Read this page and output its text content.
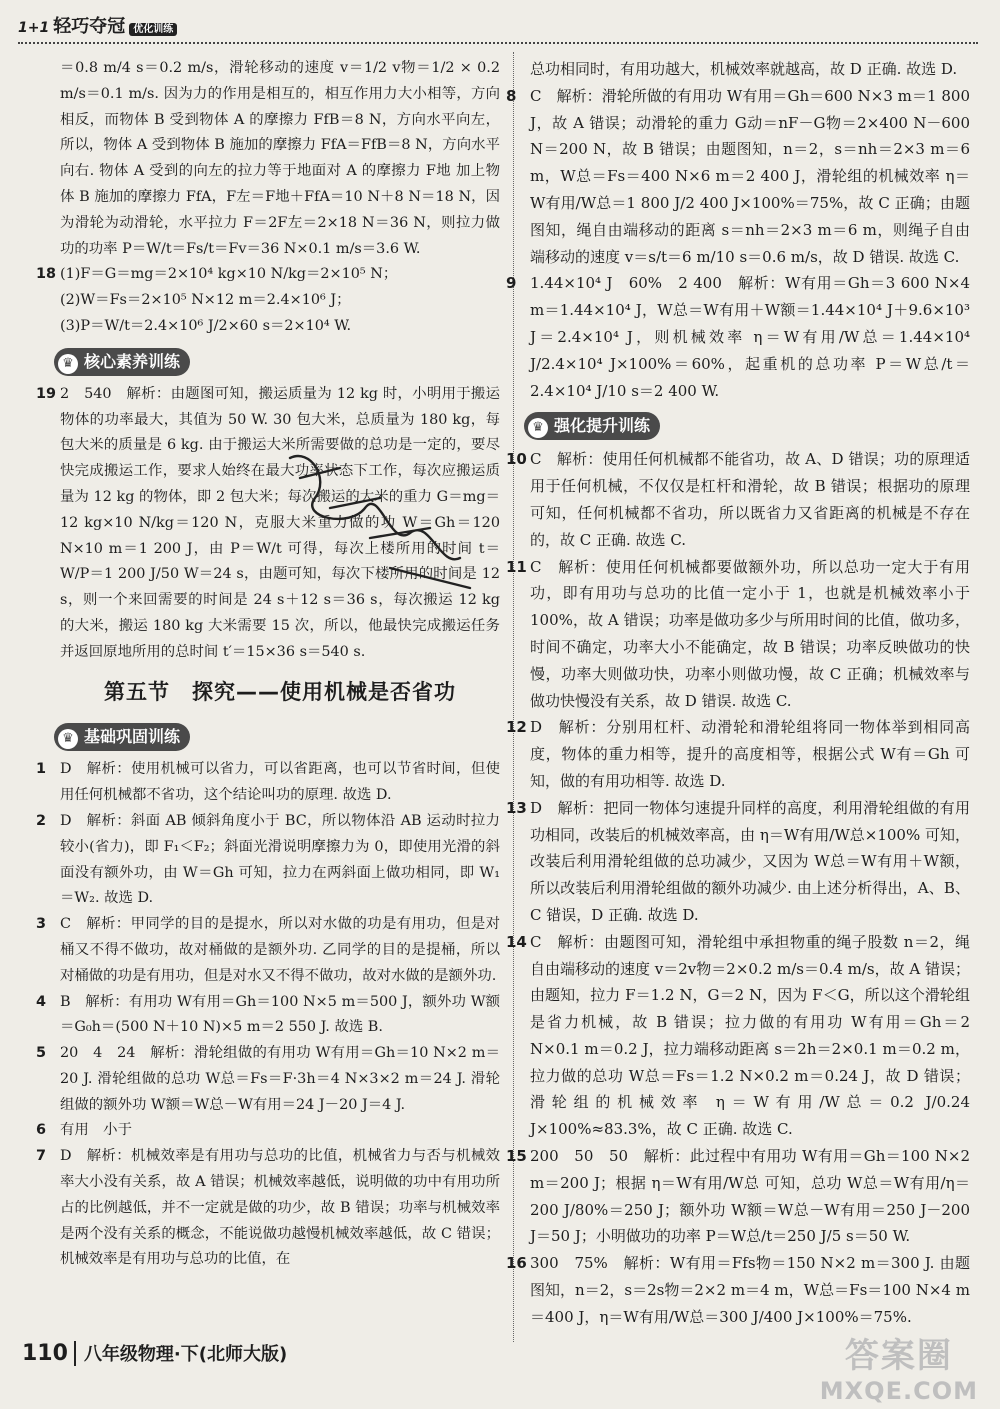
1+1 轻巧夺冠 优化训练

＝0.8 m/4 s＝0.2 m/s，滑轮移动的速度 v＝1/2 v物＝1/2 × 0.2 m/s＝0.1 m/s. 因为力的作用是相互的，相互作用力大小相等，方向相反，而物体 B 受到物体 A 的摩擦力 FfB＝8 N，方向水平向左，所以，物体 A 受到物体 B 施加的摩擦力 FfA＝FfB＝8 N，方向水平向右. 物体 A 受到的向左的拉力等于地面对 A 的摩擦力 F地 加上物体 B 施加的摩擦力 FfA，F左＝F地＋FfA＝10 N＋8 N＝18 N，因为滑轮为动滑轮，水平拉力 F＝2F左＝2×18 N＝36 N，则拉力做功的功率 P＝W/t＝Fs/t＝Fv＝36 N×0.1 m/s＝3.6 W.

18 (1)F＝G＝mg＝2×10⁴ kg×10 N/kg＝2×10⁵ N；

(2)W＝Fs＝2×10⁵ N×12 m＝2.4×10⁶ J；

(3)P＝W/t＝2.4×10⁶ J/2×60 s＝2×10⁴ W.

♛ 核心素养训练

19 2　540　解析：由题图可知，搬运质量为 12 kg 时，小明用于搬运物体的功率最大，其值为 50 W. 30 包大米，总质量为 180 kg，每包大米的质量是 6 kg. 由于搬运大米所需要做的总功是一定的，要尽快完成搬运工作，要求人始终在最大功率状态下工作，每次应搬运质量为 12 kg 的物体，即 2 包大米；每次搬运的大米的重力 G＝mg＝12 kg×10 N/kg＝120 N，克服大米重力做的功 W＝Gh＝120 N×10 m＝1 200 J，由 P＝W/t 可得，每次上楼所用的时间 t＝W/P＝1 200 J/50 W＝24 s，由题可知，每次下楼所用的时间是 12 s，则一个来回需要的时间是 24 s＋12 s＝36 s，每次搬运 12 kg 的大米，搬运 180 kg 大米需要 15 次，所以，他最快完成搬运任务并返回原地所用的总时间 t′＝15×36 s＝540 s.

第五节　探究——使用机械是否省功
♛ 基础巩固训练

1 D　解析：使用机械可以省力，可以省距离，也可以节省时间，但使用任何机械都不省功，这个结论叫功的原理. 故选 D.

2 D　解析：斜面 AB 倾斜角度小于 BC，所以物体沿 AB 运动时拉力较小(省力)，即 F₁＜F₂；斜面光滑说明摩擦力为 0，即使用光滑的斜面没有额外功，由 W＝Gh 可知，拉力在两斜面上做功相同，即 W₁＝W₂. 故选 D.

3 C　解析：甲同学的目的是提水，所以对水做的功是有用功，但是对桶又不得不做功，故对桶做的是额外功. 乙同学的目的是提桶，所以对桶做的功是有用功，但是对水又不得不做功，故对水做的是额外功.

4 B　解析：有用功 W有用＝Gh＝100 N×5 m＝500 J，额外功 W额＝G₀h＝(500 N＋10 N)×5 m＝2 550 J. 故选 B.

5 20　4　24　解析：滑轮组做的有用功 W有用＝Gh＝10 N×2 m＝20 J. 滑轮组做的总功 W总＝Fs＝F·3h＝4 N×3×2 m＝24 J. 滑轮组做的额外功 W额＝W总－W有用＝24 J－20 J＝4 J.

6 有用　小于

7 D　解析：机械效率是有用功与总功的比值，机械省力与否与机械效率大小没有关系，故 A 错误；机械效率越低，说明做的功中有用功所占的比例越低，并不一定就是做的功少，故 B 错误；功率与机械效率是两个没有关系的概念，不能说做功越慢机械效率越低，故 C 错误；机械效率是有用功与总功的比值，在

总功相同时，有用功越大，机械效率就越高，故 D 正确. 故选 D.

8 C　解析：滑轮所做的有用功 W有用＝Gh＝600 N×3 m＝1 800 J，故 A 错误；动滑轮的重力 G动＝nF－G物＝2×400 N－600 N＝200 N，故 B 错误；由题图知，n＝2，s＝nh＝2×3 m＝6 m，W总＝Fs＝400 N×6 m＝2 400 J，滑轮组的机械效率 η＝W有用/W总＝1 800 J/2 400 J×100%＝75%，故 C 正确；由题图知，绳自由端移动的距离 s＝nh＝2×3 m＝6 m，则绳子自由端移动的速度 v＝s/t＝6 m/10 s＝0.6 m/s，故 D 错误. 故选 C.

9 1.44×10⁴ J　60%　2 400　解析：W有用＝Gh＝3 600 N×4 m＝1.44×10⁴ J，W总＝W有用＋W额＝1.44×10⁴ J＋9.6×10³ J＝2.4×10⁴ J，则机械效率 η＝W有用/W总＝1.44×10⁴ J/2.4×10⁴ J×100%＝60%，起重机的总功率 P＝W总/t＝2.4×10⁴ J/10 s＝2 400 W.

♛ 强化提升训练

10 C　解析：使用任何机械都不能省功，故 A、D 错误；功的原理适用于任何机械，不仅仅是杠杆和滑轮，故 B 错误；根据功的原理可知，任何机械都不省功，所以既省力又省距离的机械是不存在的，故 C 正确. 故选 C.

11 C　解析：使用任何机械都要做额外功，所以总功一定大于有用功，即有用功与总功的比值一定小于 1，也就是机械效率小于 100%，故 A 错误；功率是做功多少与所用时间的比值，做功多，时间不确定，功率大小不能确定，故 B 错误；功率反映做功的快慢，功率大则做功快，功率小则做功慢，故 C 正确；机械效率与做功快慢没有关系，故 D 错误. 故选 C.

12 D　解析：分别用杠杆、动滑轮和滑轮组将同一物体举到相同高度，物体的重力相等，提升的高度相等，根据公式 W有＝Gh 可知，做的有用功相等. 故选 D.

13 D　解析：把同一物体匀速提升同样的高度，利用滑轮组做的有用功相同，改装后的机械效率高，由 η＝W有用/W总×100% 可知，改装后利用滑轮组做的总功减少，又因为 W总＝W有用＋W额，所以改装后利用滑轮组做的额外功减少. 由上述分析得出，A、B、C 错误，D 正确. 故选 D.

14 C　解析：由题图可知，滑轮组中承担物重的绳子股数 n＝2，绳自由端移动的速度 v＝2v物＝2×0.2 m/s＝0.4 m/s，故 A 错误；由题知，拉力 F＝1.2 N，G＝2 N，因为 F＜G，所以这个滑轮组是省力机械，故 B 错误；拉力做的有用功 W有用＝Gh＝2 N×0.1 m＝0.2 J，拉力端移动距离 s＝2h＝2×0.1 m＝0.2 m，拉力做的总功 W总＝Fs＝1.2 N×0.2 m＝0.24 J，故 D 错误；滑轮组的机械效率 η＝W有用/W总＝0.2 J/0.24 J×100%≈83.3%，故 C 正确. 故选 C.

15 200　50　50　解析：此过程中有用功 W有用＝Gh＝100 N×2 m＝200 J；根据 η＝W有用/W总 可知，总功 W总＝W有用/η＝200 J/80%＝250 J；额外功 W额＝W总－W有用＝250 J－200 J＝50 J；小明做功的功率 P＝W总/t＝250 J/5 s＝50 W.

16 300　75%　解析：W有用＝Ffs物＝150 N×2 m＝300 J. 由题图知，n＝2，s＝2s物＝2×2 m＝4 m，W总＝Fs＝100 N×4 m＝400 J，η＝W有用/W总＝300 J/400 J×100%＝75%.

110 八年级物理·下(北师大版)	答案圈
MXQE.COM
